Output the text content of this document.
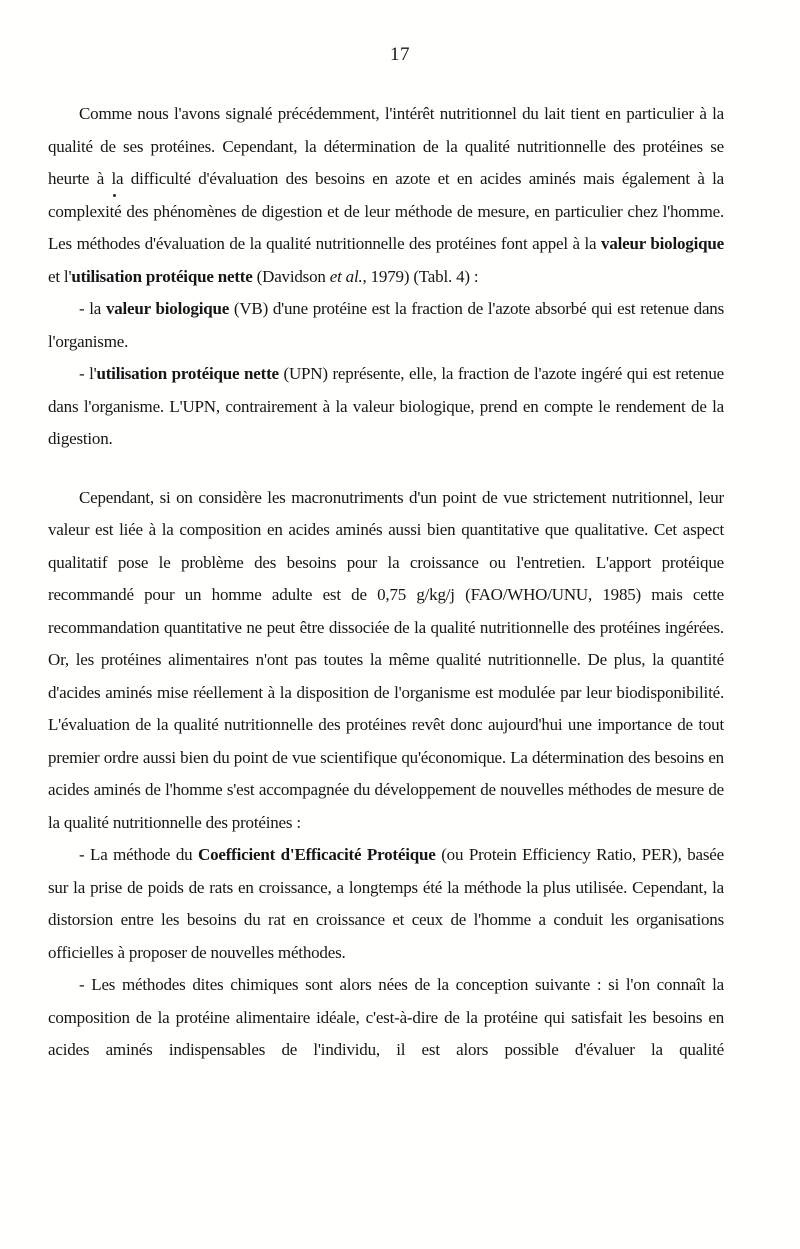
17

Comme nous l'avons signalé précédemment, l'intérêt nutritionnel du lait tient en particulier à la qualité de ses protéines. Cependant, la détermination de la qualité nutritionnelle des protéines se heurte à la difficulté d'évaluation des besoins en azote et en acides aminés mais également à la complexité des phénomènes de digestion et de leur méthode de mesure, en particulier chez l'homme. Les méthodes d'évaluation de la qualité nutritionnelle des protéines font appel à la valeur biologique et l'utilisation protéique nette (Davidson et al., 1979) (Tabl. 4) :

- la valeur biologique (VB) d'une protéine est la fraction de l'azote absorbé qui est retenue dans l'organisme.

- l'utilisation protéique nette (UPN) représente, elle, la fraction de l'azote ingéré qui est retenue dans l'organisme. L'UPN, contrairement à la valeur biologique, prend en compte le rendement de la digestion.

Cependant, si on considère les macronutriments d'un point de vue strictement nutritionnel, leur valeur est liée à la composition en acides aminés aussi bien quantitative que qualitative. Cet aspect qualitatif pose le problème des besoins pour la croissance ou l'entretien. L'apport protéique recommandé pour un homme adulte est de 0,75 g/kg/j (FAO/WHO/UNU, 1985) mais cette recommandation quantitative ne peut être dissociée de la qualité nutritionnelle des protéines ingérées. Or, les protéines alimentaires n'ont pas toutes la même qualité nutritionnelle. De plus, la quantité d'acides aminés mise réellement à la disposition de l'organisme est modulée par leur biodisponibilité. L'évaluation de la qualité nutritionnelle des protéines revêt donc aujourd'hui une importance de tout premier ordre aussi bien du point de vue scientifique qu'économique. La détermination des besoins en acides aminés de l'homme s'est accompagnée du développement de nouvelles méthodes de mesure de la qualité nutritionnelle des protéines :

- La méthode du Coefficient d'Efficacité Protéique (ou Protein Efficiency Ratio, PER), basée sur la prise de poids de rats en croissance, a longtemps été la méthode la plus utilisée. Cependant, la distorsion entre les besoins du rat en croissance et ceux de l'homme a conduit les organisations officielles à proposer de nouvelles méthodes.

- Les méthodes dites chimiques sont alors nées de la conception suivante : si l'on connaît la composition de la protéine alimentaire idéale, c'est-à-dire de la protéine qui satisfait les besoins en acides aminés indispensables de l'individu, il est alors possible d'évaluer la qualité
